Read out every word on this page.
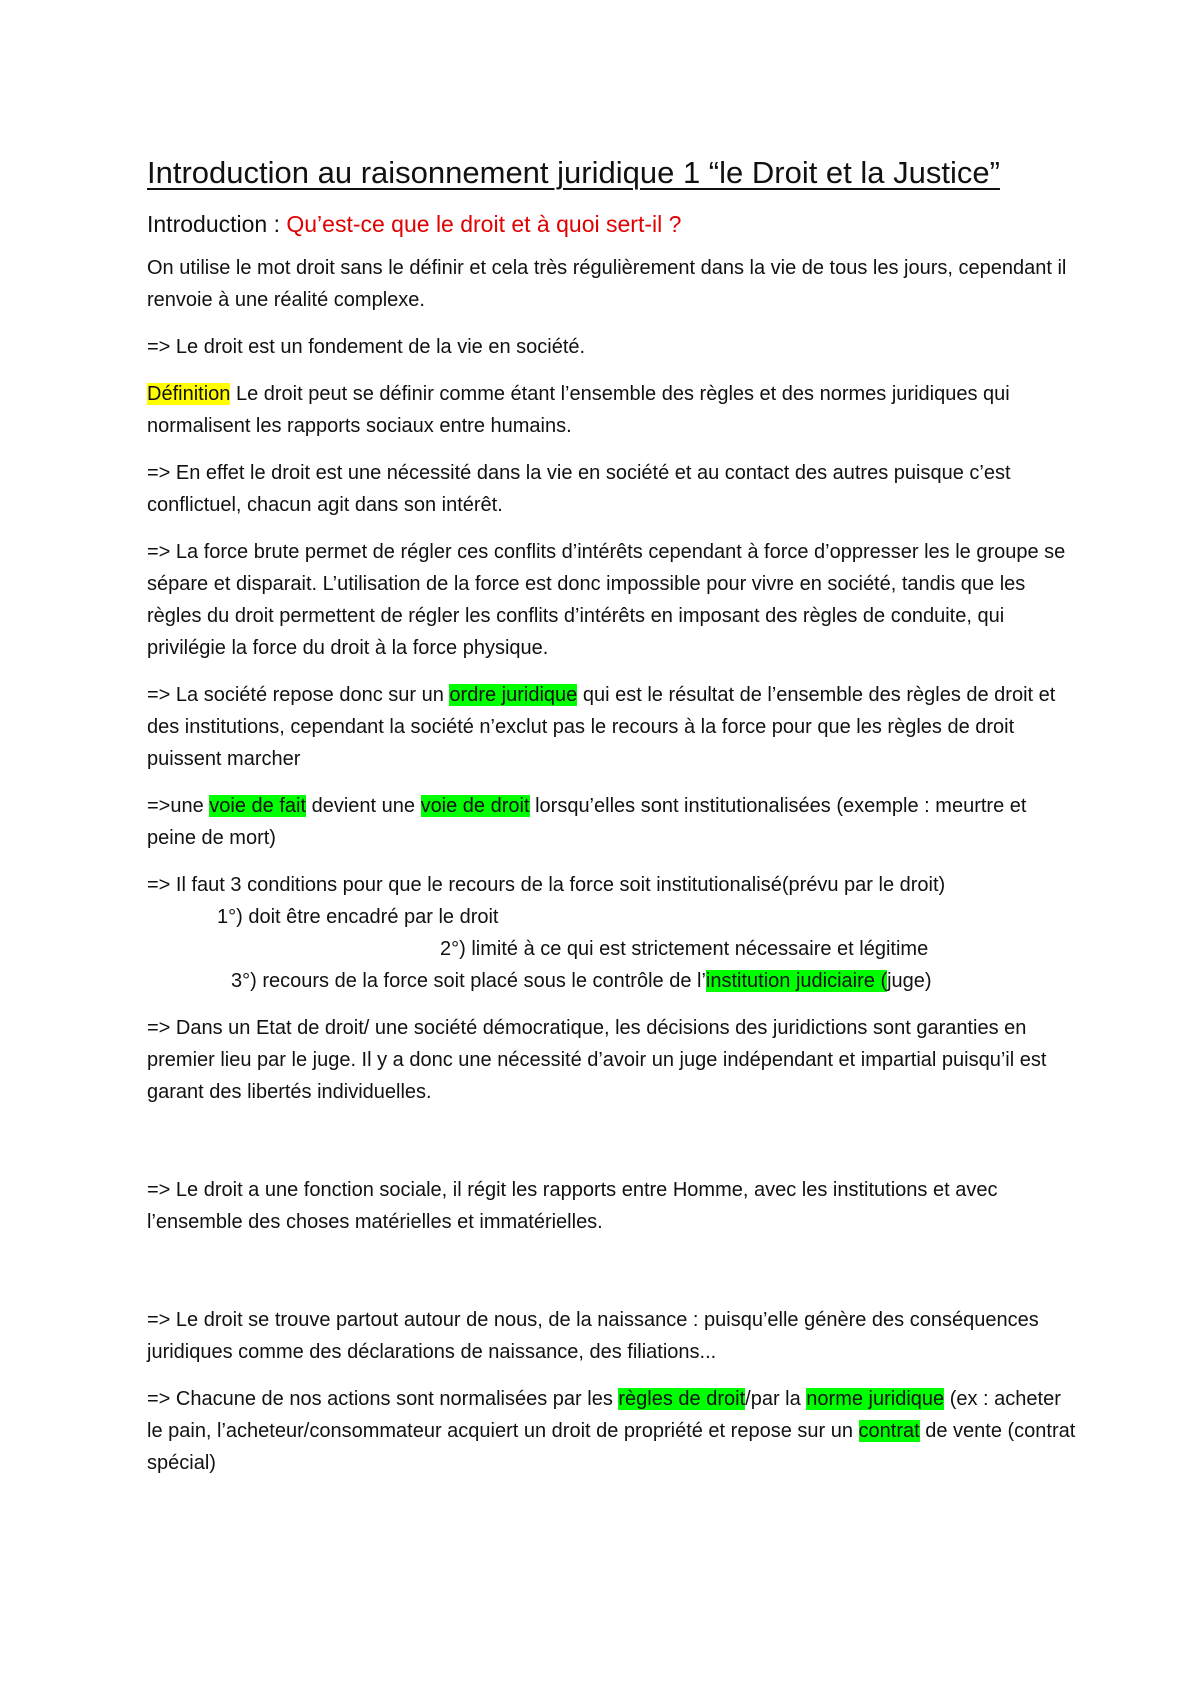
Introduction au raisonnement juridique 1 “le Droit et la Justice”
Introduction : Qu’est-ce que le droit et à quoi sert-il ?

On utilise le mot droit sans le définir et cela très régulièrement dans la vie de tous les jours, cependant il renvoie à une réalité complexe.

=> Le droit est un fondement de la vie en société.

Définition Le droit peut se définir comme étant l’ensemble des règles et des normes juridiques qui normalisent les rapports sociaux entre humains.

=> En effet le droit est une nécessité dans la vie en société et au contact des autres puisque c’est conflictuel, chacun agit dans son intérêt.

=> La force brute permet de régler ces conflits d’intérêts cependant à force d’oppresser les le groupe se sépare et disparait. L’utilisation de la force est donc impossible pour vivre en société, tandis que les règles du droit permettent de régler les conflits d’intérêts en imposant des règles de conduite, qui privilégie la force du droit à la force physique.

=> La société repose donc sur un ordre juridique qui est le résultat de l’ensemble des règles de droit et des institutions, cependant la société n’exclut pas le recours à la force pour que les règles de droit puissent marcher

=>une voie de fait devient une voie de droit lorsqu’elles sont institutionalisées (exemple : meurtre et peine de mort)

=> Il faut 3 conditions pour que le recours de la force soit institutionalisé(prévu par le droit)
1°) doit être encadré par le droit
2°) limité à ce qui est strictement nécessaire et légitime
3°) recours de la force soit placé sous le contrôle de l’institution judiciaire (juge)

=> Dans un Etat de droit/ une société démocratique, les décisions des juridictions sont garanties en premier lieu par le juge. Il y a donc une nécessité d’avoir un juge indépendant et impartial puisqu’il est garant des libertés individuelles.

=> Le droit a une fonction sociale, il régit les rapports entre Homme, avec les institutions et avec l’ensemble des choses matérielles et immatérielles.

=> Le droit se trouve partout autour de nous, de la naissance : puisqu’elle génère des conséquences juridiques comme des déclarations de naissance, des filiations...

=> Chacune de nos actions sont normalisées par les règles de droit/par la norme juridique (ex : acheter le pain, l’acheteur/consommateur acquiert un droit de propriété et repose sur un contrat de vente (contrat spécial)
